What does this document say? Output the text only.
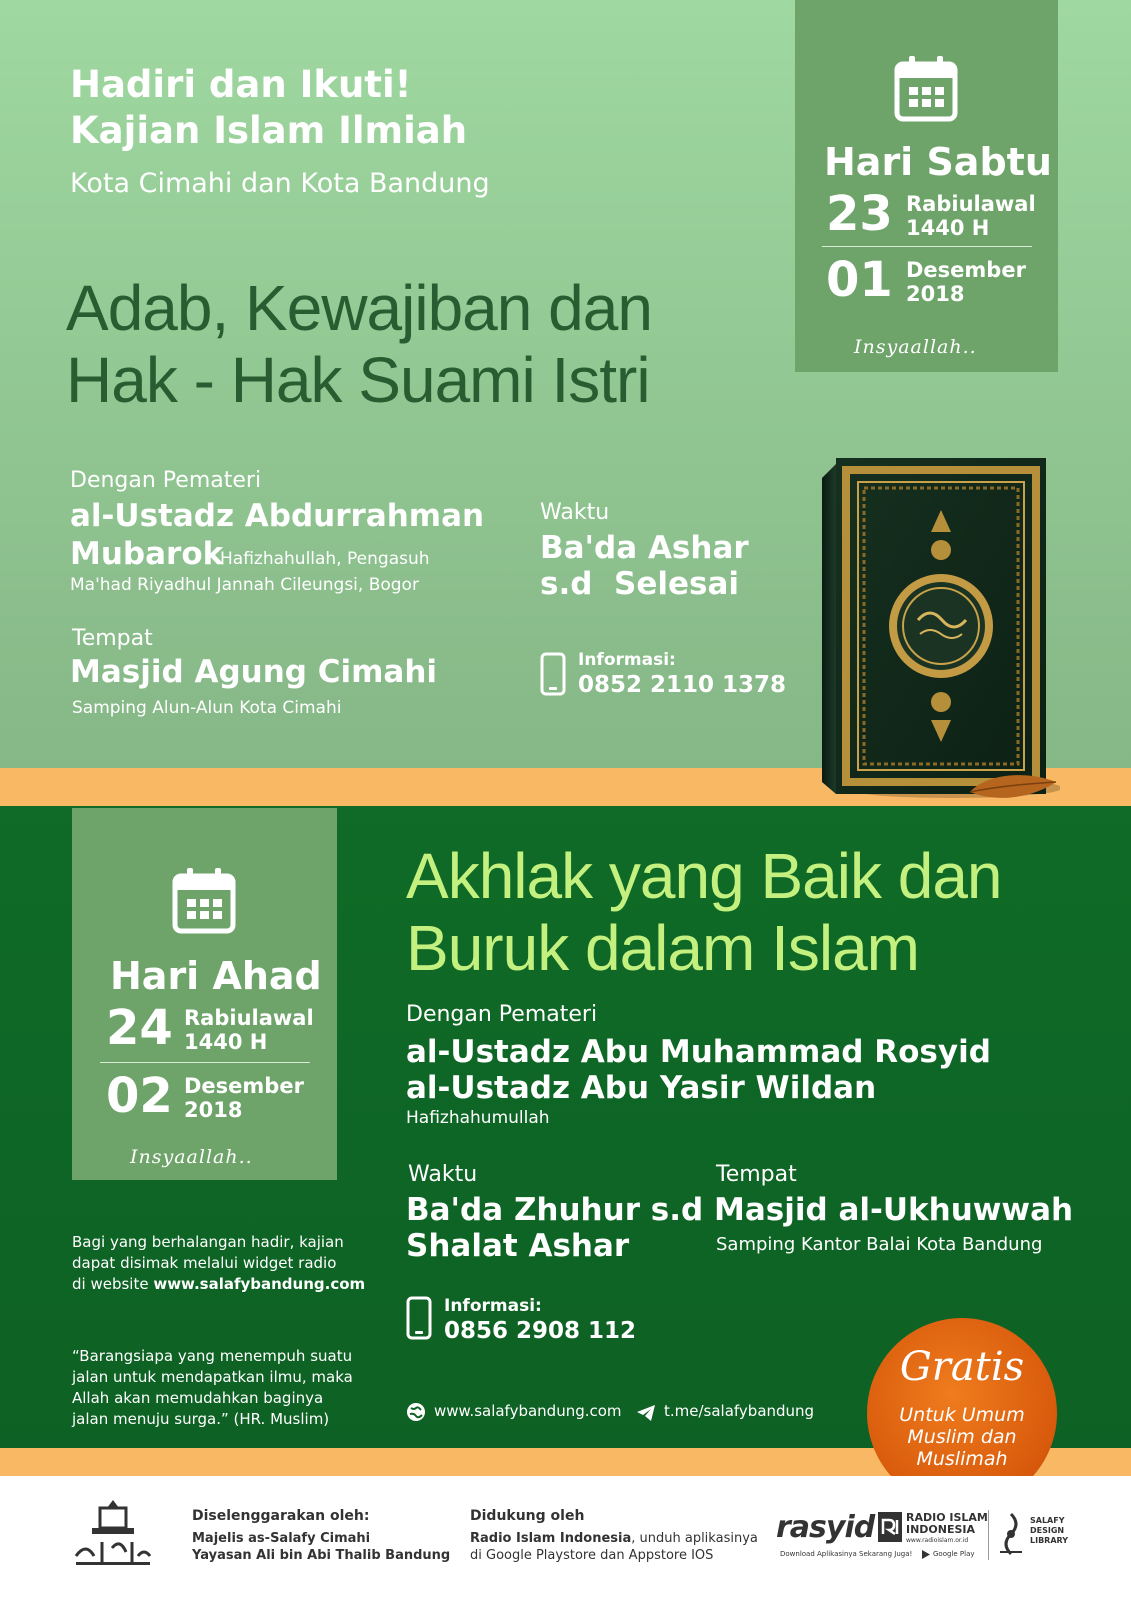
Hadiri dan Ikuti!
Kajian Islam Ilmiah
Kota Cimahi dan Kota Bandung
Adab, Kewajiban dan
Hak - Hak Suami Istri
Dengan Pemateri
al-Ustadz Abdurrahman
Mubarok
Hafizhahullah, Pengasuh
Ma'had Riyadhul Jannah Cileungsi, Bogor
Tempat
Masjid Agung Cimahi
Samping Alun-Alun Kota Cimahi
Waktu
Ba'da Ashar
s.d  Selesai
Informasi:
0852 2110 1378
Hari Sabtu
23 Rabiulawal
1440 H
01 Desember
2018
Insyaallah..
Hari Ahad
24 Rabiulawal
1440 H
02 Desember
2018
Insyaallah..
Bagi yang berhalangan hadir, kajian
dapat disimak melalui widget radio
di website www.salafybandung.com
“Barangsiapa yang menempuh suatu
jalan untuk mendapatkan ilmu, maka
Allah akan memudahkan baginya
jalan menuju surga.” (HR. Muslim)
Akhlak yang Baik dan
Buruk dalam Islam
Dengan Pemateri
al-Ustadz Abu Muhammad Rosyid
al-Ustadz Abu Yasir Wildan
Hafizhahumullah
Waktu
Ba'da Zhuhur s.d
Shalat Ashar
Tempat
Masjid al-Ukhuwwah
Samping Kantor Balai Kota Bandung
Informasi:
0856 2908 112
www.salafybandung.com	t.me/salafybandung
Gratis
Untuk Umum
Muslim dan
Muslimah
Diselenggarakan oleh:
Majelis as-Salafy Cimahi
Yayasan Ali bin Abi Thalib Bandung
Didukung oleh
Radio Islam Indonesia, unduh aplikasinya
di Google Playstore dan Appstore IOS
rasyid
Download Aplikasinya Sekarang Juga!
RADIO ISLAM
INDONESIA
www.radioislam.or.id
Google Play
SALAFY
DESIGN
LIBRARY
